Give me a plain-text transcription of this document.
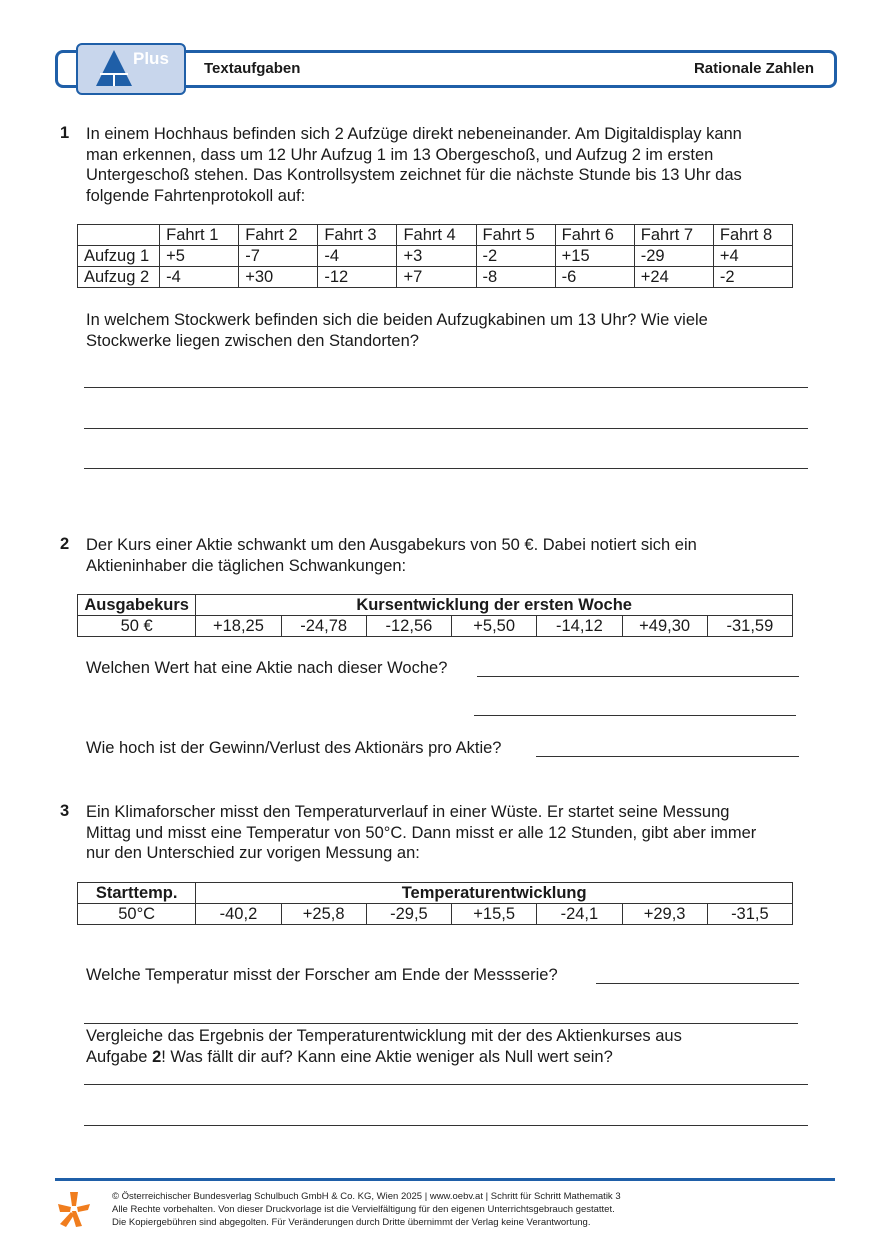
Plus
Textaufgaben	Rationale Zahlen
1 In einem Hochhaus befinden sich 2 Aufzüge direkt nebeneinander. Am Digitaldisplay kann
man erkennen, dass um 12 Uhr Aufzug 1 im 13 Obergeschoß, und Aufzug 2 im ersten
Untergeschoß stehen. Das Kontrollsystem zeichnet für die nächste Stunde bis 13 Uhr das
folgende Fahrtenprotokoll auf:
	Fahrt 1	Fahrt 2	Fahrt 3	Fahrt 4	Fahrt 5	Fahrt 6	Fahrt 7	Fahrt 8
Aufzug 1	+5	-7	-4	+3	-2	+15	-29	+4
Aufzug 2	-4	+30	-12	+7	-8	-6	+24	-2
In welchem Stockwerk befinden sich die beiden Aufzugkabinen um 13 Uhr? Wie viele
Stockwerke liegen zwischen den Standorten?
2 Der Kurs einer Aktie schwankt um den Ausgabekurs von 50 €. Dabei notiert sich ein
Aktieninhaber die täglichen Schwankungen:
Ausgabekurs	Kursentwicklung der ersten Woche						
50 €	+18,25	-24,78	-12,56	+5,50	-14,12	+49,30	-31,59
Welchen Wert hat eine Aktie nach dieser Woche?
Wie hoch ist der Gewinn/Verlust des Aktionärs pro Aktie?
3 Ein Klimaforscher misst den Temperaturverlauf in einer Wüste. Er startet seine Messung
Mittag und misst eine Temperatur von 50°C. Dann misst er alle 12 Stunden, gibt aber immer
nur den Unterschied zur vorigen Messung an:
Starttemp.	Temperaturentwicklung						
50°C	-40,2	+25,8	-29,5	+15,5	-24,1	+29,3	-31,5
Welche Temperatur misst der Forscher am Ende der Messserie?
Vergleiche das Ergebnis der Temperaturentwicklung mit der des Aktienkurses aus
Aufgabe 2! Was fällt dir auf? Kann eine Aktie weniger als Null wert sein?
© Österreichischer Bundesverlag Schulbuch GmbH & Co. KG, Wien 2025 | www.oebv.at | Schritt für Schritt Mathematik 3
Alle Rechte vorbehalten. Von dieser Druckvorlage ist die Vervielfältigung für den eigenen Unterrichtsgebrauch gestattet.
Die Kopiergebühren sind abgegolten. Für Veränderungen durch Dritte übernimmt der Verlag keine Verantwortung.
